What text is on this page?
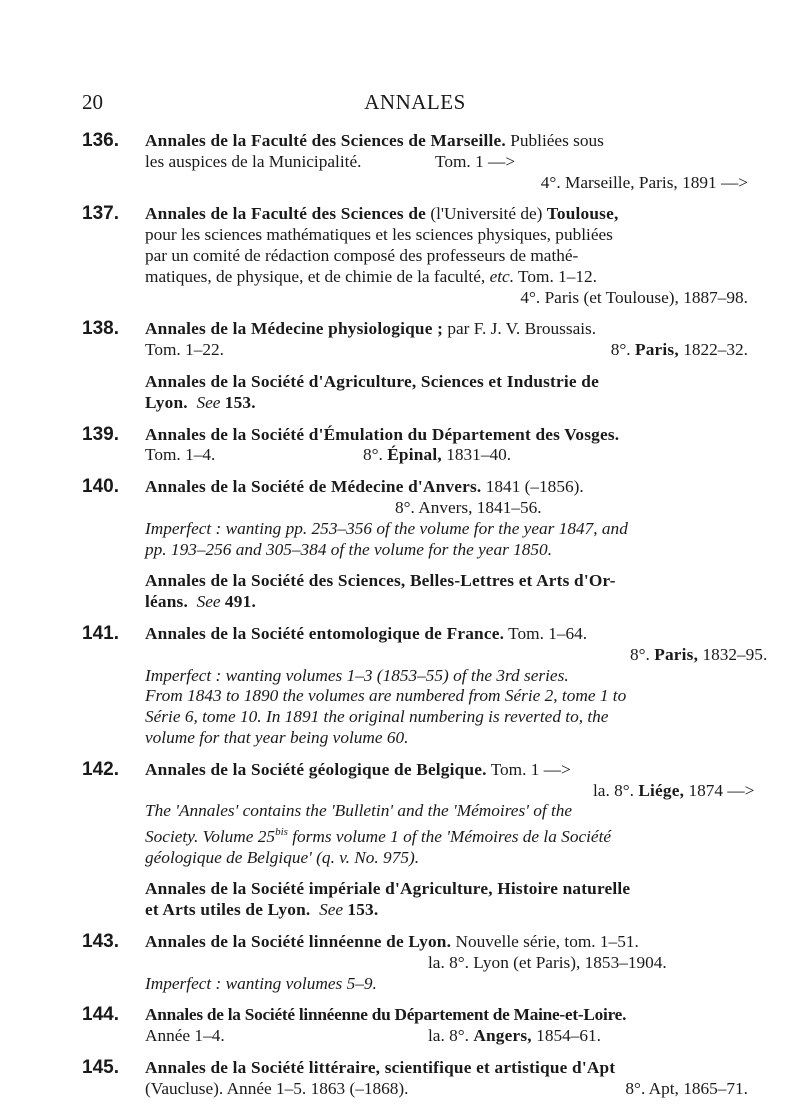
20	ANNALES
136. Annales de la Faculté des Sciences de Marseille. Publiées sous
les auspices de la Municipalité.	Tom. 1 —>
4°. Marseille, Paris, 1891 —>
137. Annales de la Faculté des Sciences de (l'Université de) Toulouse,
pour les sciences mathématiques et les sciences physiques, publiées
par un comité de rédaction composé des professeurs de mathé-
matiques, de physique, et de chimie de la faculté, etc. Tom. 1–12.
4°. Paris (et Toulouse), 1887–98.
138. Annales de la Médecine physiologique ; par F. J. V. Broussais.
Tom. 1–22.	8°. Paris, 1822–32.
Annales de la Société d'Agriculture, Sciences et Industrie de
Lyon. See 153.
139. Annales de la Société d'Émulation du Département des Vosges.
Tom. 1–4.	8°. Épinal, 1831–40.
140. Annales de la Société de Médecine d'Anvers. 1841 (–1856).
8°. Anvers, 1841–56.
Imperfect : wanting pp. 253–356 of the volume for the year 1847, and
pp. 193–256 and 305–384 of the volume for the year 1850.
Annales de la Société des Sciences, Belles-Lettres et Arts d'Or-
léans. See 491.
141. Annales de la Société entomologique de France. Tom. 1–64.
8°. Paris, 1832–95.
Imperfect : wanting volumes 1–3 (1853–55) of the 3rd series.
From 1843 to 1890 the volumes are numbered from Série 2, tome 1 to
Série 6, tome 10. In 1891 the original numbering is reverted to, the
volume for that year being volume 60.
142. Annales de la Société géologique de Belgique. Tom. 1 —>
la. 8°. Liége, 1874 —>
The 'Annales' contains the 'Bulletin' and the 'Mémoires' of the
Society. Volume $25^{bis}$ forms volume 1 of the 'Mémoires de la Société
géologique de Belgique' (q. v. No. 975).
Annales de la Société impériale d'Agriculture, Histoire naturelle
et Arts utiles de Lyon. See 153.
143. Annales de la Société linnéenne de Lyon. Nouvelle série, tom. 1–51.
la. 8°. Lyon (et Paris), 1853–1904.
Imperfect : wanting volumes 5–9.
144. Annales de la Société linnéenne du Département de Maine-et-Loire.
Année 1–4.	la. 8°. Angers, 1854–61.
145. Annales de la Société littéraire, scientifique et artistique d'Apt
(Vaucluse). Année 1–5. 1863 (–1868).	8°. Apt, 1865–71.
